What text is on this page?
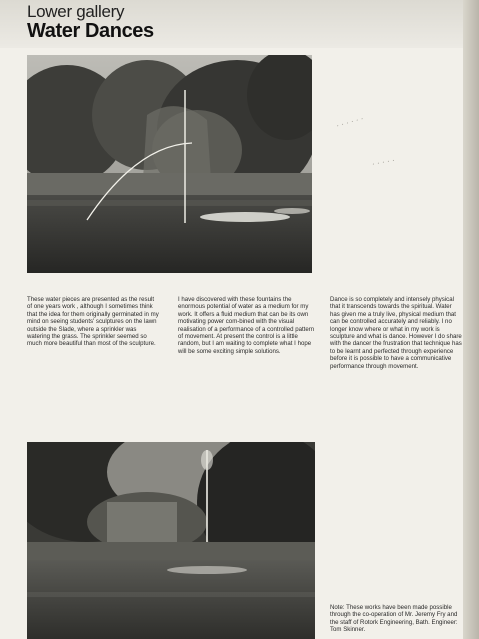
Lower gallery
Water Dances
· · · · · ·
· · · · ·
These water pieces are presented as the result of one years work , although I sometimes think that the idea for them originally germinated in my mind on seeing students' sculptures on the lawn outside the Slade, where a sprinkler was watering the grass. The sprinkler seemed so much more beautiful than most of the sculpture.
I have discovered with these fountains the enormous potential of water as a medium for my work. It offers a fluid medium that can be its own motivating power com-bined with the visual realisation of a performance of a controlled pattern of movement. At present the control is a little random, but I am waiting to complete what I hope will be some exciting simple solutions.
Dance is so completely and intensely physical that it transcends towards the spiritual. Water has given me a truly live, physical medium that can be controlled accurately and reliably. I no longer know where or what in my work is sculpture and what is dance. However I do share with the dancer the frustration that technique has to be learnt and perfected through experience before it is possible to have a communicative performance through movement.
Note: These works have been made possible through the co-operation of Mr. Jeremy Fry and the staff of Rotork Engineering, Bath. Engineer: Tom Skinner.
